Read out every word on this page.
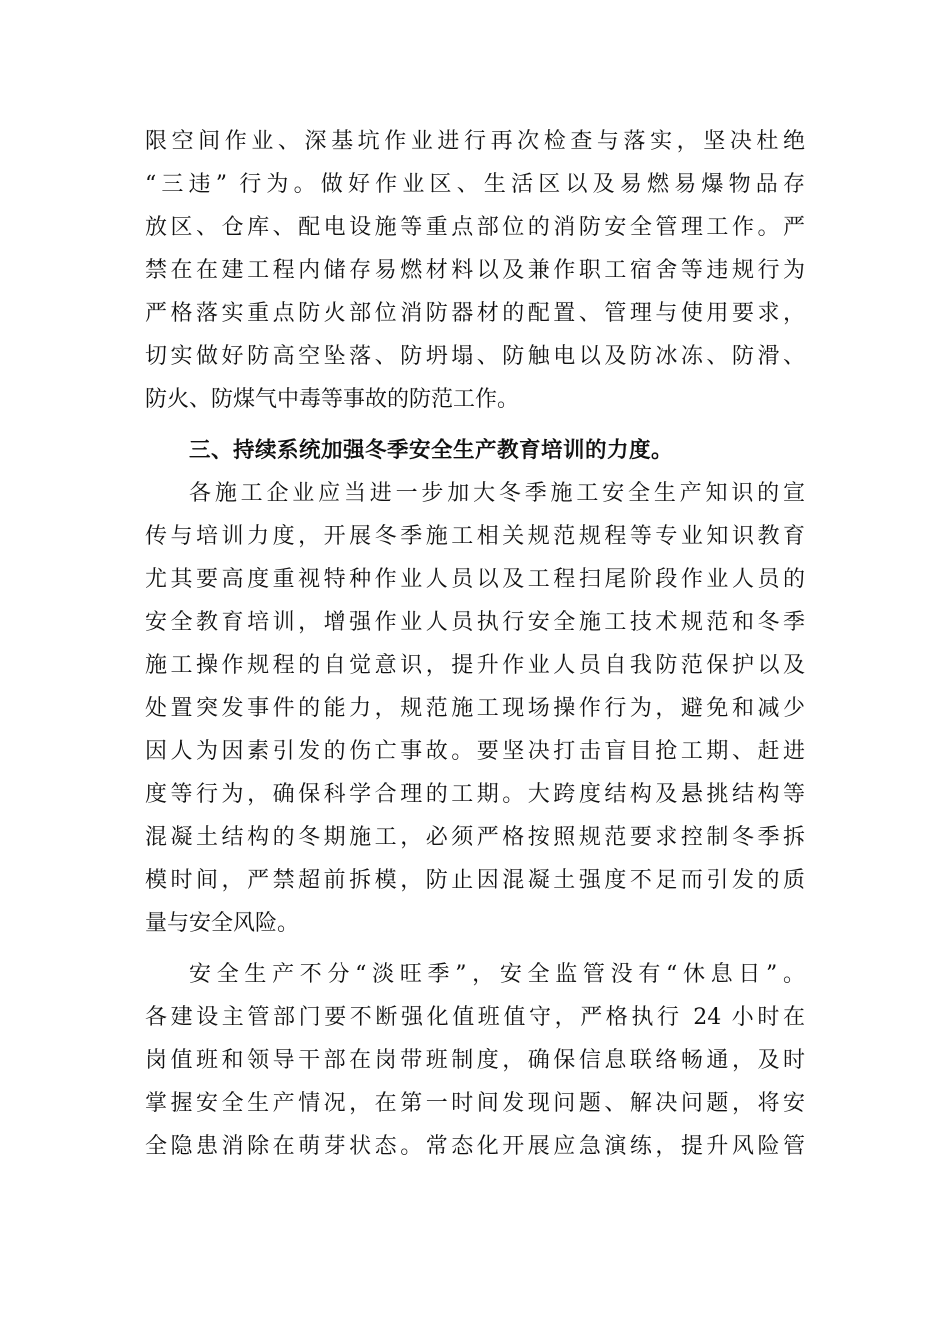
限空间作业、深基坑作业进行再次检查与落实，坚决杜绝
“三违” 行为。做好作业区、生活区以及易燃易爆物品存
放区、仓库、配电设施等重点部位的消防安全管理工作。严
禁在在建工程内储存易燃材料以及兼作职工宿舍等违规行为
严格落实重点防火部位消防器材的配置、管理与使用要求，
切实做好防高空坠落、防坍塌、防触电以及防冰冻、防滑、
防火、防煤气中毒等事故的防范工作。
三、持续系统加强冬季安全生产教育培训的力度。
各施工企业应当进一步加大冬季施工安全生产知识的宣
传与培训力度，开展冬季施工相关规范规程等专业知识教育
尤其要高度重视特种作业人员以及工程扫尾阶段作业人员的
安全教育培训，增强作业人员执行安全施工技术规范和冬季
施工操作规程的自觉意识，提升作业人员自我防范保护以及
处置突发事件的能力，规范施工现场操作行为，避免和减少
因人为因素引发的伤亡事故。要坚决打击盲目抢工期、赶进
度等行为，确保科学合理的工期。大跨度结构及悬挑结构等
混凝土结构的冬期施工，必须严格按照规范要求控制冬季拆
模时间，严禁超前拆模，防止因混凝土强度不足而引发的质
量与安全风险。
安全生产不分“淡旺季”，安全监管没有“休息日”。
各建设主管部门要不断强化值班值守，严格执行 24 小时在
岗值班和领导干部在岗带班制度，确保信息联络畅通，及时
掌握安全生产情况，在第一时间发现问题、解决问题，将安
全隐患消除在萌芽状态。常态化开展应急演练，提升风险管
